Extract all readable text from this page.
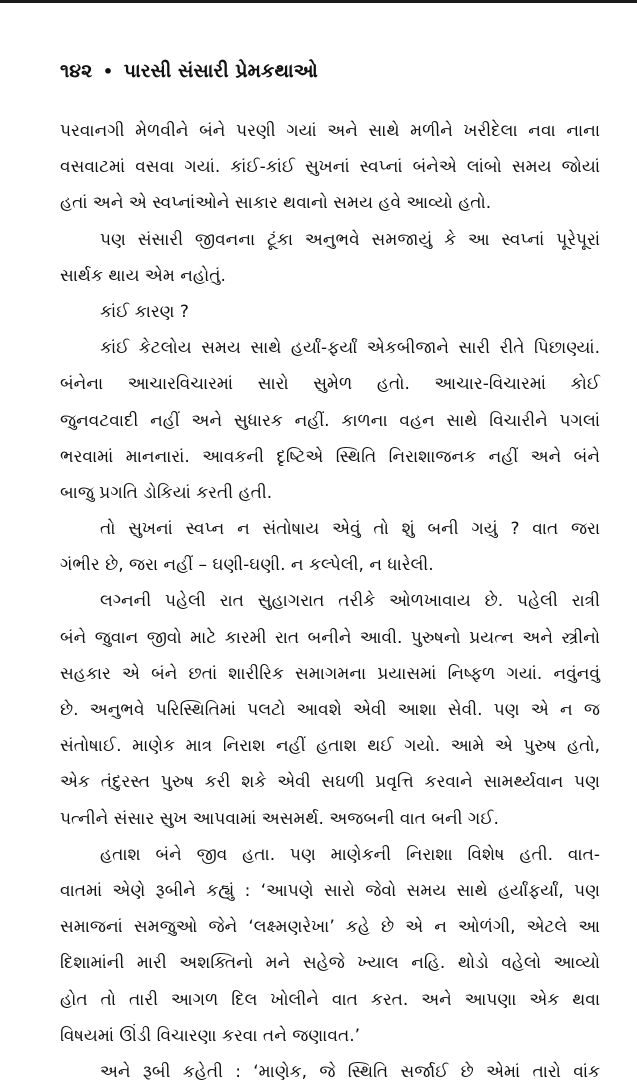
૧૪૨ • પારસી સંસારી પ્રેમકથાઓ
પરવાનગી મેળવીને બંને પરણી ગયાં અને સાથે મળીને ખરીદેલા નવા નાના
વસવાટમાં વસવા ગયાં. કાંઈ-કાંઈ સુખનાં સ્વપ્નાં બંનેએ લાંબો સમય જોયાં
હતાં અને એ સ્વપ્નાંઓને સાકાર થવાનો સમય હવે આવ્યો હતો.
પણ સંસારી જીવનના ટૂંકા અનુભવે સમજાયું કે આ સ્વપ્નાં પૂરેપૂરાં
સાર્થક થાય એમ નહોતું.
કાંઈ કારણ ?
કાંઈ કેટલોય સમય સાથે હર્યાં-ફર્યાં એકબીજાને સારી રીતે પિછાણ્યાં.
બંનેના આચારવિચારમાં સારો સુમેળ હતો. આચાર-વિચારમાં કોઈ
જુનવટવાદી નહીં અને સુધારક નહીં. કાળના વહન સાથે વિચારીને પગલાં
ભરવામાં માનનારાં. આવકની દૃષ્ટિએ સ્થિતિ નિરાશાજનક નહીં અને બંને
બાજુ પ્રગતિ ડોકિયાં કરતી હતી.
તો સુખનાં સ્વપ્ન ન સંતોષાય એવું તો શું બની ગયું ? વાત જરા
ગંભીર છે, જરા નહીં – ઘણી-ઘણી. ન કલ્પેલી, ન ધારેલી.
લગ્નની પહેલી રાત સુહાગરાત તરીકે ઓળખાવાય છે. પહેલી રાત્રી
બંને જુવાન જીવો માટે કારમી રાત બનીને આવી. પુરુષનો પ્રયત્ન અને સ્ત્રીનો
સહકાર એ બંને છતાં શારીરિક સમાગમના પ્રયાસમાં નિષ્ફળ ગયાં. નવુંનવું
છે. અનુભવે પરિસ્થિતિમાં પલટો આવશે એવી આશા સેવી. પણ એ ન જ
સંતોષાઈ. માણેક માત્ર નિરાશ નહીં હતાશ થઈ ગયો. આમે એ પુરુષ હતો,
એક તંદુરસ્ત પુરુષ કરી શકે એવી સઘળી પ્રવૃત્તિ કરવાને સામર્થ્યવાન પણ
પત્નીને સંસાર સુખ આપવામાં અસમર્થ. અજબની વાત બની ગઈ.
હતાશ બંને જીવ હતા. પણ માણેકની નિરાશા વિશેષ હતી. વાત-
વાતમાં એણે રૂબીને કહ્યું : ‘આપણે સારો જેવો સમય સાથે હર્યાંફર્યાં, પણ
સમાજનાં સમજુઓ જેને ‘લક્ષ્મણરેખા’ કહે છે એ ન ઓળંગી, એટલે આ
દિશામાંની મારી અશક્તિનો મને સહેજે ખ્યાલ નહિ. થોડો વહેલો આવ્યો
હોત તો તારી આગળ દિલ ખોલીને વાત કરત. અને આપણા એક થવા
વિષયમાં ઊંડી વિચારણા કરવા તને જણાવત.’
અને રૂબી કહેતી : ‘માણેક, જે સ્થિતિ સર્જાઈ છે એમાં તારો વાંક
